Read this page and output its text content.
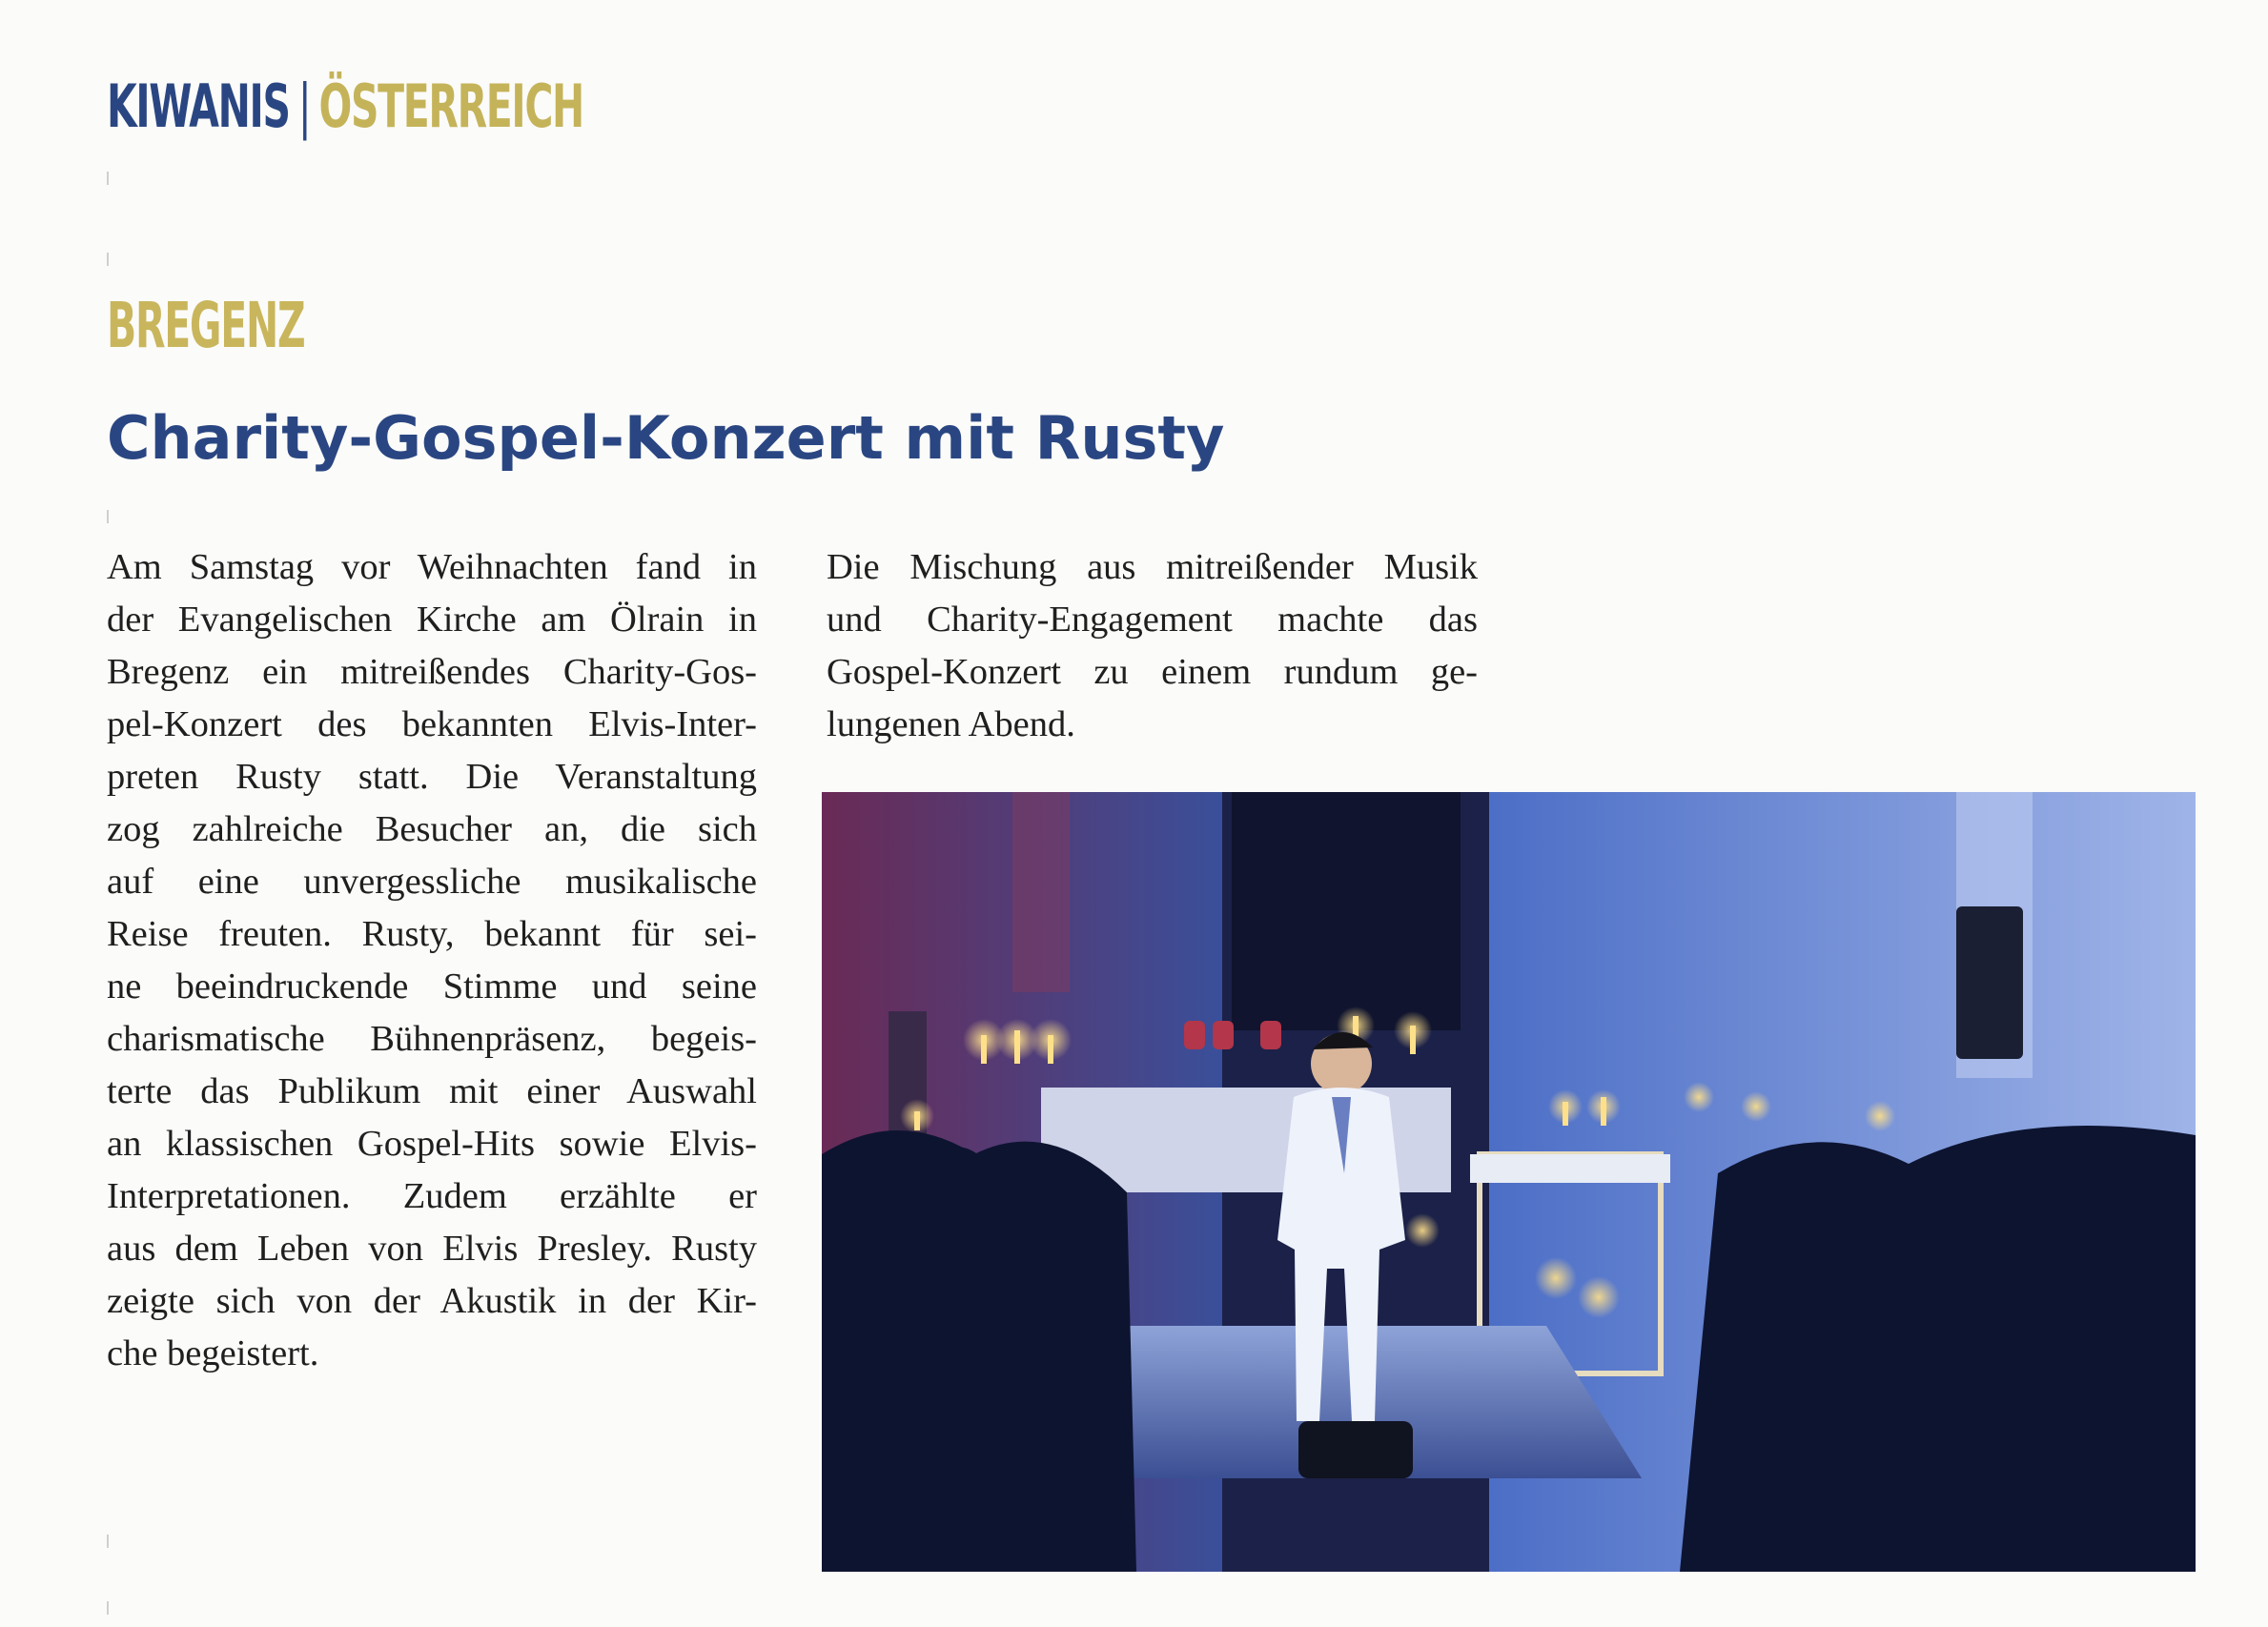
KIWANIS | ÖSTERREICH
BREGENZ
Charity-Gospel-Konzert mit Rusty
Am Samstag vor Weihnachten fand in
der Evangelischen Kirche am Ölrain in
Bregenz ein mitreißendes Charity-Gos-
pel-Konzert des bekannten Elvis-Inter-
preten Rusty statt. Die Veranstaltung
zog zahlreiche Besucher an, die sich
auf eine unvergessliche musikalische
Reise freuten. Rusty, bekannt für sei-
ne beeindruckende Stimme und seine
charismatische Bühnenpräsenz, begeis-
terte das Publikum mit einer Auswahl
an klassischen Gospel-Hits sowie Elvis-
Interpretationen. Zudem erzählte er
aus dem Leben von Elvis Presley. Rusty
zeigte sich von der Akustik in der Kir-
che begeistert.
Die Mischung aus mitreißender Musik
und Charity-Engagement machte das
Gospel-Konzert zu einem rundum ge-
lungenen Abend.
